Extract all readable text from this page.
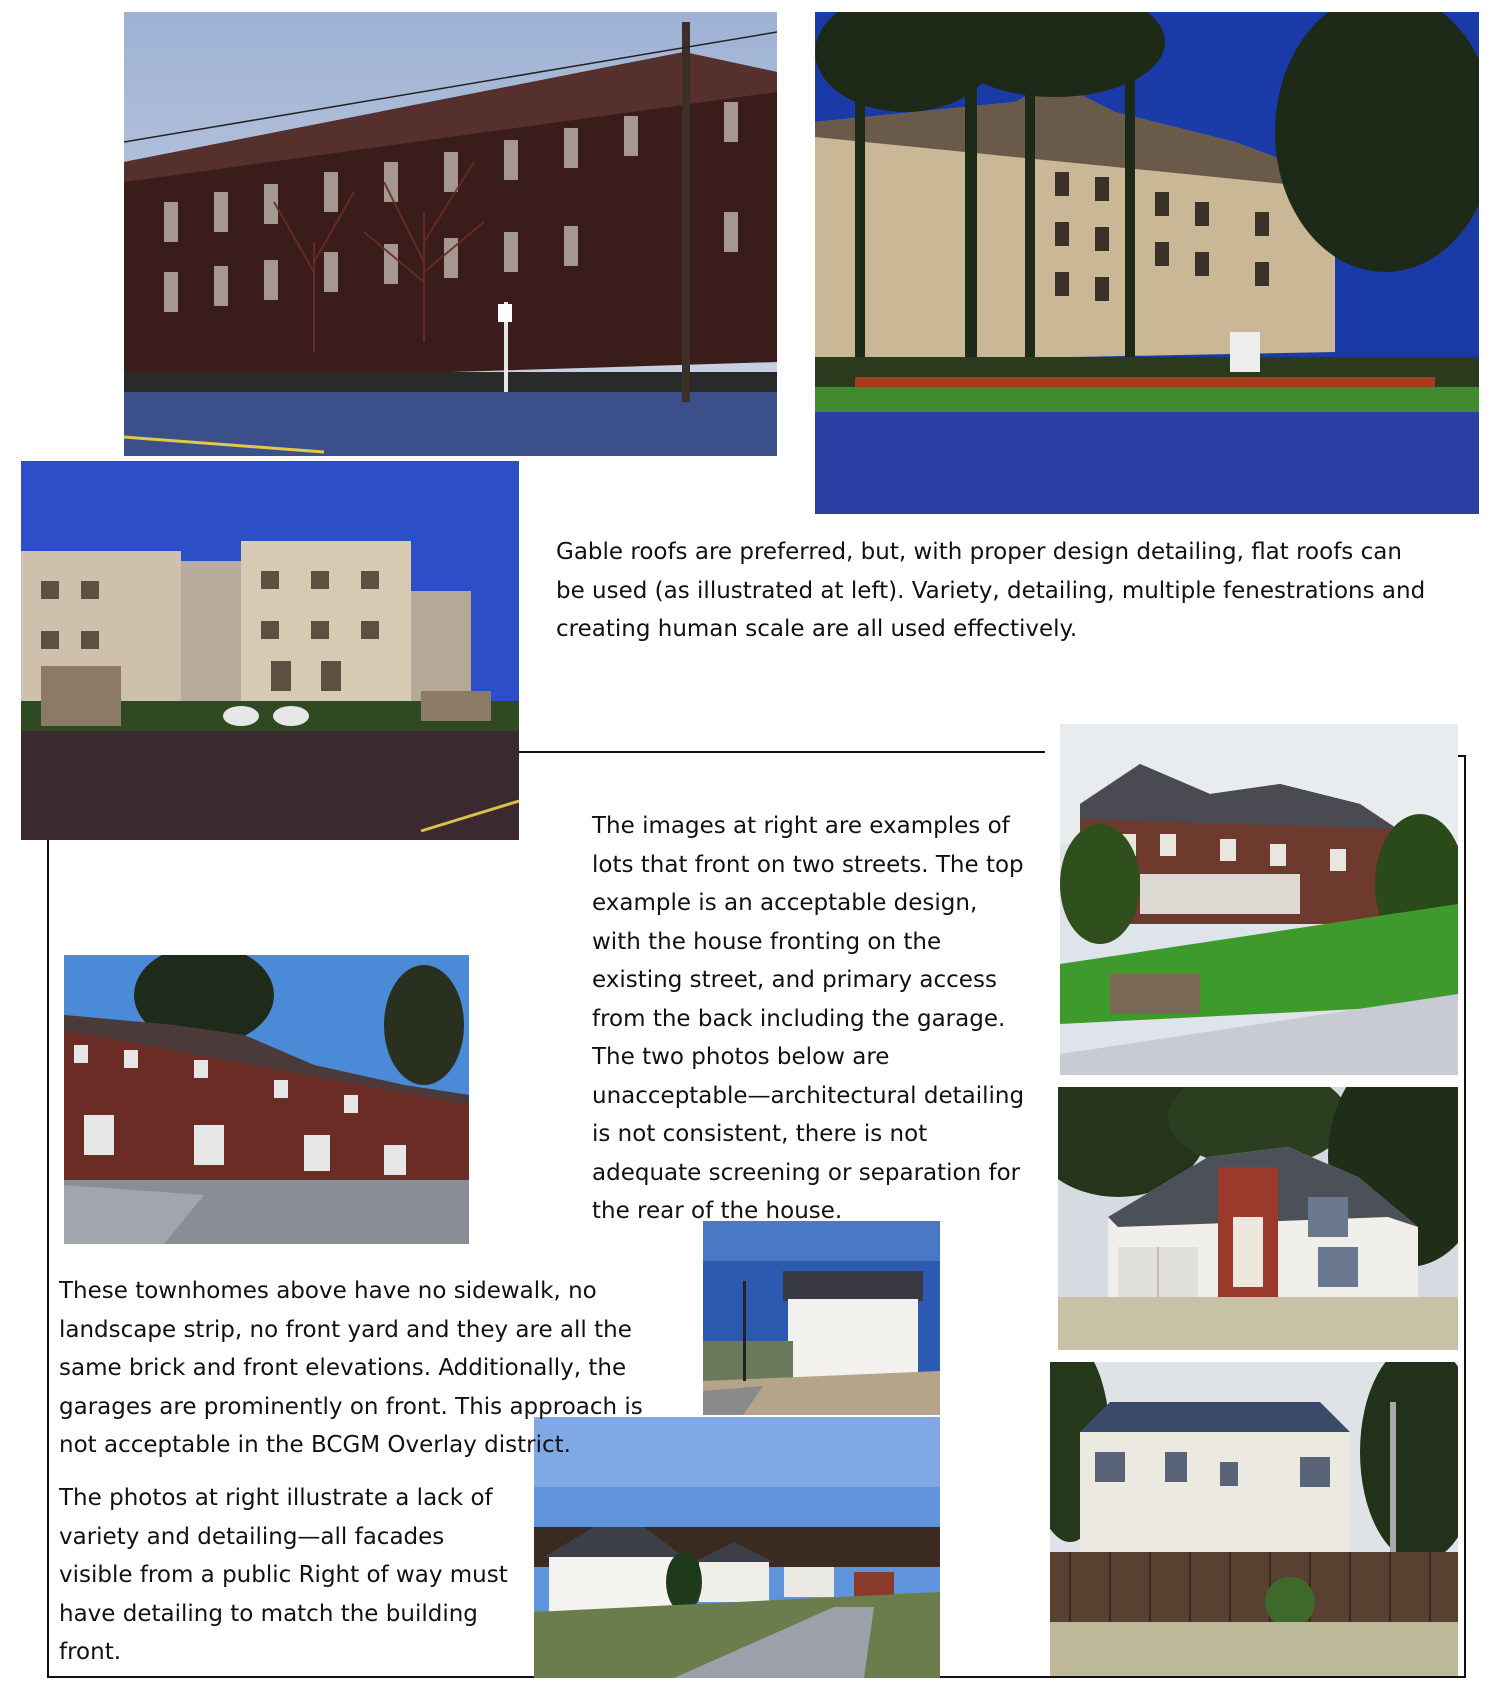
Gable roofs are preferred, but, with proper design detailing, flat roofs can be used (as illustrated at left). Variety, detailing, multiple fenestrations and creating human scale are all used effectively.
The images at right are examples of lots that front on two streets. The top example is an acceptable design, with the house fronting on the existing street, and primary access from the back including the garage. The two photos below are unacceptable—architectural detailing is not consistent, there is not adequate screening or separation for the rear of the house.
These townhomes above have no sidewalk, no landscape strip, no front yard and they are all the same brick and front elevations. Additionally, the garages are prominently on front. This approach is not acceptable in the BCGM Overlay district.
The photos at right illustrate a lack of variety and detailing—all facades visible from a public Right of way must have detailing to match the building front.
